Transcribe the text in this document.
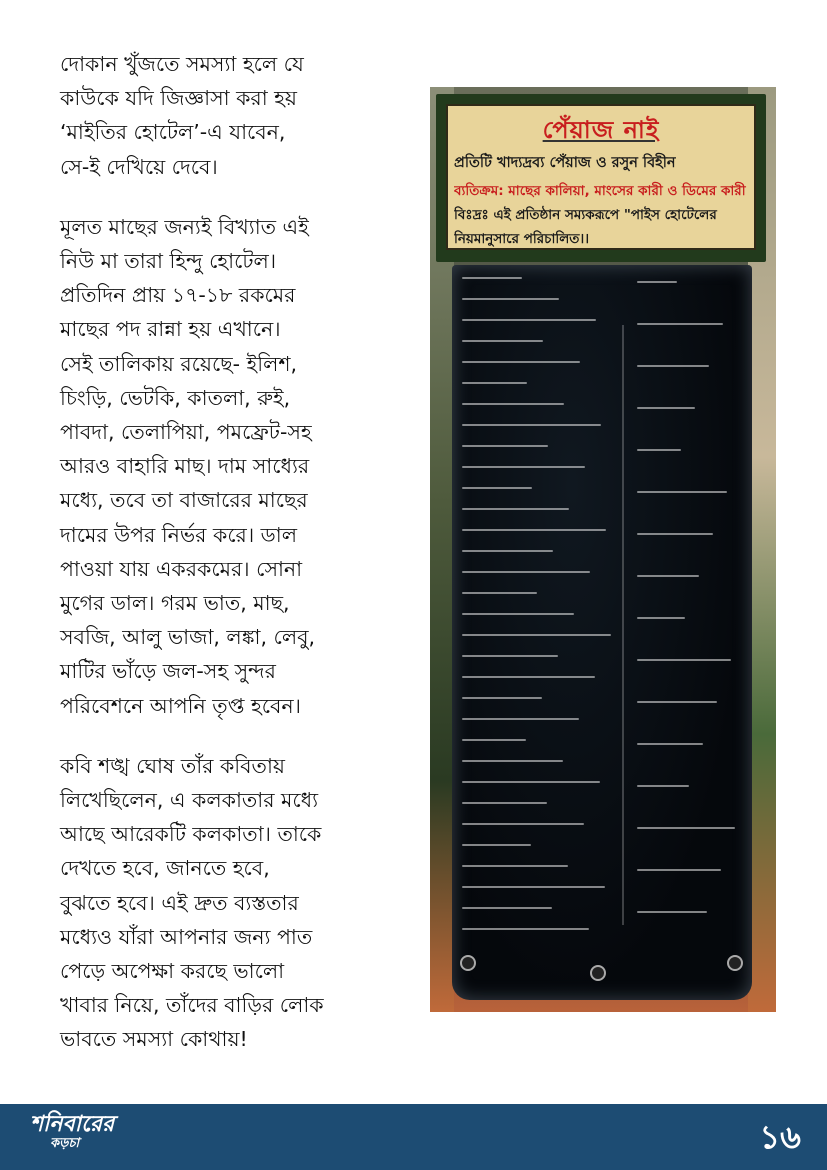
দোকান খুঁজতে সমস্যা হলে যে
কাউকে যদি জিজ্ঞাসা করা হয়
‘মাইতির হোটেল’-এ যাবেন,
সে-ই দেখিয়ে দেবে।
মূলত মাছের জন্যই বিখ্যাত এই
নিউ মা তারা হিন্দু হোটেল।
প্রতিদিন প্রায় ১৭-১৮ রকমের
মাছের পদ রান্না হয় এখানে।
সেই তালিকায় রয়েছে- ইলিশ,
চিংড়ি, ভেটকি, কাতলা, রুই,
পাবদা, তেলাপিয়া, পমফ্রেট-সহ
আরও বাহারি মাছ। দাম সাধ্যের
মধ্যে, তবে তা বাজারের মাছের
দামের উপর নির্ভর করে। ডাল
পাওয়া যায় একরকমের। সোনা
মুগের ডাল। গরম ভাত, মাছ,
সবজি, আলু ভাজা, লঙ্কা, লেবু,
মাটির ভাঁড়ে জল-সহ সুন্দর
পরিবেশনে আপনি তৃপ্ত হবেন।
কবি শঙ্খ ঘোষ তাঁর কবিতায়
লিখেছিলেন, এ কলকাতার মধ্যে
আছে আরেকটি কলকাতা। তাকে
দেখতে হবে, জানতে হবে,
বুঝতে হবে। এই দ্রুত ব্যস্ততার
মধ্যেও যাঁরা আপনার জন্য পাত
পেড়ে অপেক্ষা করছে ভালো
খাবার নিয়ে, তাঁদের বাড়ির লোক
ভাবতে সমস্যা কোথায়!
পেঁয়াজ নাই
প্রতিটি খাদ্যদ্রব্য পেঁয়াজ ও রসুন বিহীন
ব্যতিক্রম: মাছের কালিয়া, মাংসের কারী ও ডিমের কারী
বিঃদ্রঃ এই প্রতিষ্ঠান সম্যকরূপে "পাইস হোটেলের
নিয়মানুসারে পরিচালিত।।
শনিবারের
কড়চা	১৬
